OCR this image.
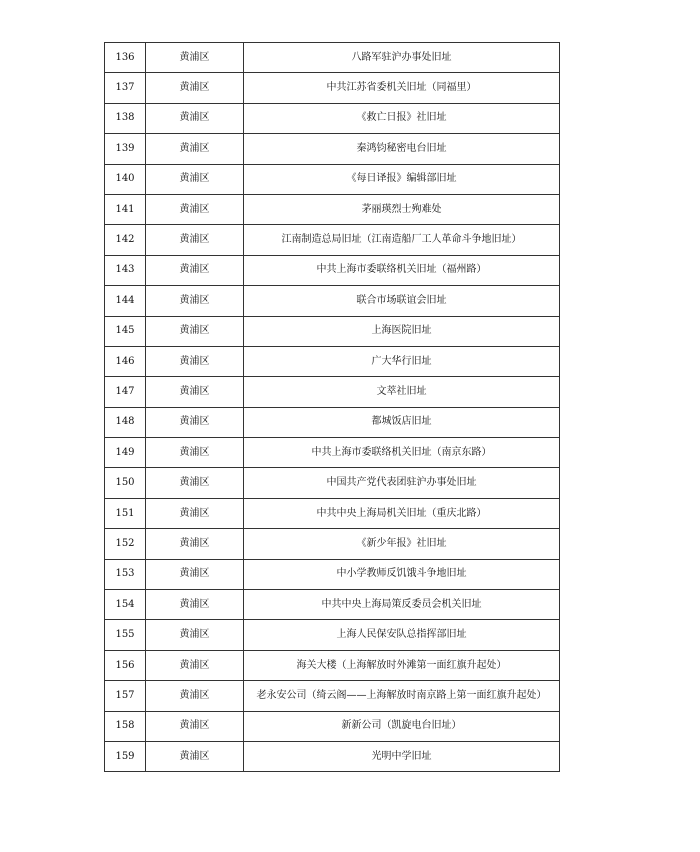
136	黄浦区	八路军驻沪办事处旧址
137	黄浦区	中共江苏省委机关旧址（同福里）
138	黄浦区	《救亡日报》社旧址
139	黄浦区	秦鸿钧秘密电台旧址
140	黄浦区	《每日译报》编辑部旧址
141	黄浦区	茅丽瑛烈士殉难处
142	黄浦区	江南制造总局旧址（江南造船厂工人革命斗争地旧址）
143	黄浦区	中共上海市委联络机关旧址（福州路）
144	黄浦区	联合市场联谊会旧址
145	黄浦区	上海医院旧址
146	黄浦区	广大华行旧址
147	黄浦区	文萃社旧址
148	黄浦区	都城饭店旧址
149	黄浦区	中共上海市委联络机关旧址（南京东路）
150	黄浦区	中国共产党代表团驻沪办事处旧址
151	黄浦区	中共中央上海局机关旧址（重庆北路）
152	黄浦区	《新少年报》社旧址
153	黄浦区	中小学教师反饥饿斗争地旧址
154	黄浦区	中共中央上海局策反委员会机关旧址
155	黄浦区	上海人民保安队总指挥部旧址
156	黄浦区	海关大楼（上海解放时外滩第一面红旗升起处）
157	黄浦区	老永安公司（绮云阁——上海解放时南京路上第一面红旗升起处）
158	黄浦区	新新公司（凯旋电台旧址）
159	黄浦区	光明中学旧址
